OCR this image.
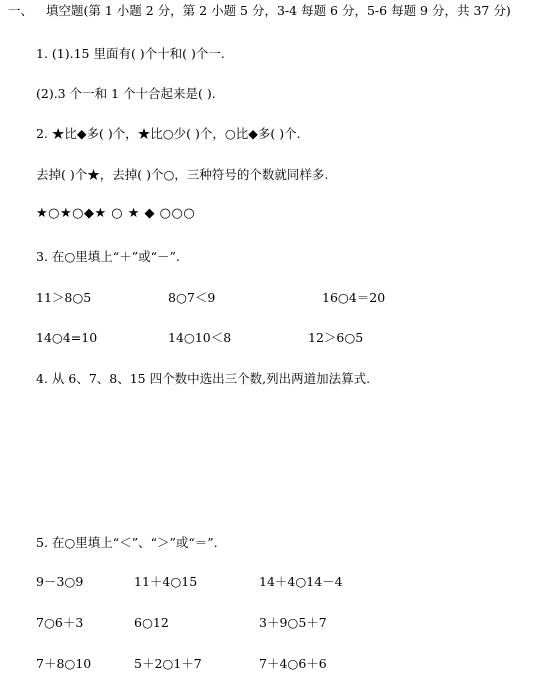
一、 填空题(第 1 小题 2 分，第 2 小题 5 分，3-4 每题 6 分，5-6 每题 9 分，共 37 分)
1. (1).15 里面有( )个十和( )个一.
(2).3 个一和 1 个十合起来是( ).
2. ★比◆多( )个，★比○少( )个，○比◆多( )个.
去掉( )个★，去掉( )个○，三种符号的个数就同样多.
★○★○◆★ ○ ★ ◆ ○○○
3. 在○里填上“＋”或“－”.
11＞8○5	8○7＜9	16○4＝20
14○4=10	14○10＜8	12＞6○5
4. 从 6、7、8、15 四个数中选出三个数,列出两道加法算式.
5. 在○里填上“＜”、“＞”或“＝”.
9－3○9	11＋4○15	14＋4○14－4
7○6＋3	6○12	3＋9○5＋7
7＋8○10	5＋2○1＋7	7＋4○6＋6
